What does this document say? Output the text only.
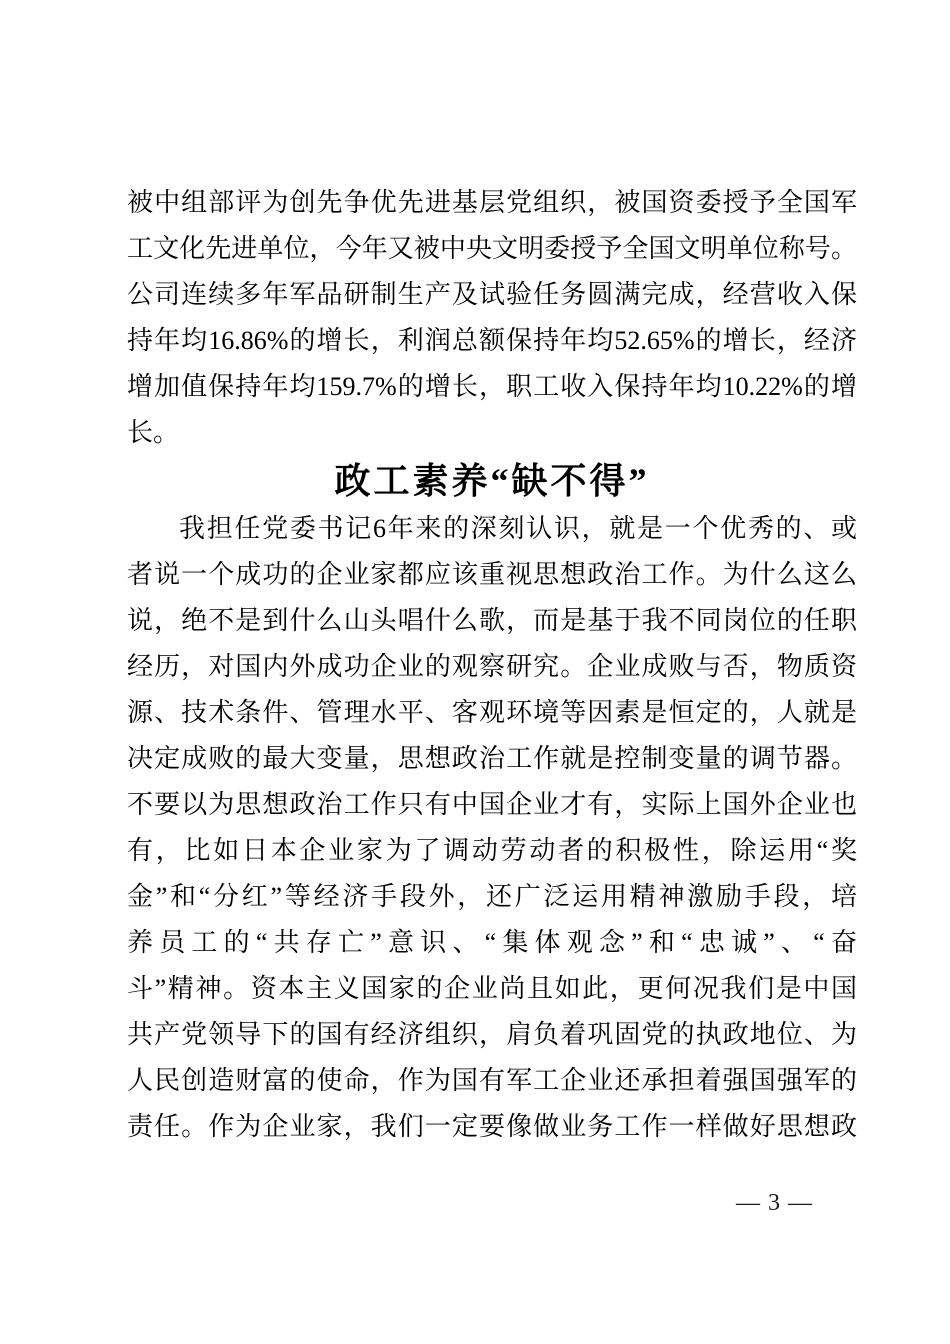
被中组部评为创先争优先进基层党组织，被国资委授予全国军
工文化先进单位，今年又被中央文明委授予全国文明单位称号。
公司连续多年军品研制生产及试验任务圆满完成，经营收入保
持年均16.86%的增长，利润总额保持年均52.65%的增长，经济
增加值保持年均159.7%的增长，职工收入保持年均10.22%的增
长。
政工素养“缺不得”
我担任党委书记6年来的深刻认识，就是一个优秀的、或
者说一个成功的企业家都应该重视思想政治工作。为什么这么
说，绝不是到什么山头唱什么歌，而是基于我不同岗位的任职
经历，对国内外成功企业的观察研究。企业成败与否，物质资
源、技术条件、管理水平、客观环境等因素是恒定的，人就是
决定成败的最大变量，思想政治工作就是控制变量的调节器。
不要以为思想政治工作只有中国企业才有，实际上国外企业也
有，比如日本企业家为了调动劳动者的积极性，除运用“奖
金”和“分红”等经济手段外，还广泛运用精神激励手段，培
养员工的“共存亡”意识、“集体观念”和“忠诚”、“奋
斗”精神。资本主义国家的企业尚且如此，更何况我们是中国
共产党领导下的国有经济组织，肩负着巩固党的执政地位、为
人民创造财富的使命，作为国有军工企业还承担着强国强军的
责任。作为企业家，我们一定要像做业务工作一样做好思想政
— 3 —
